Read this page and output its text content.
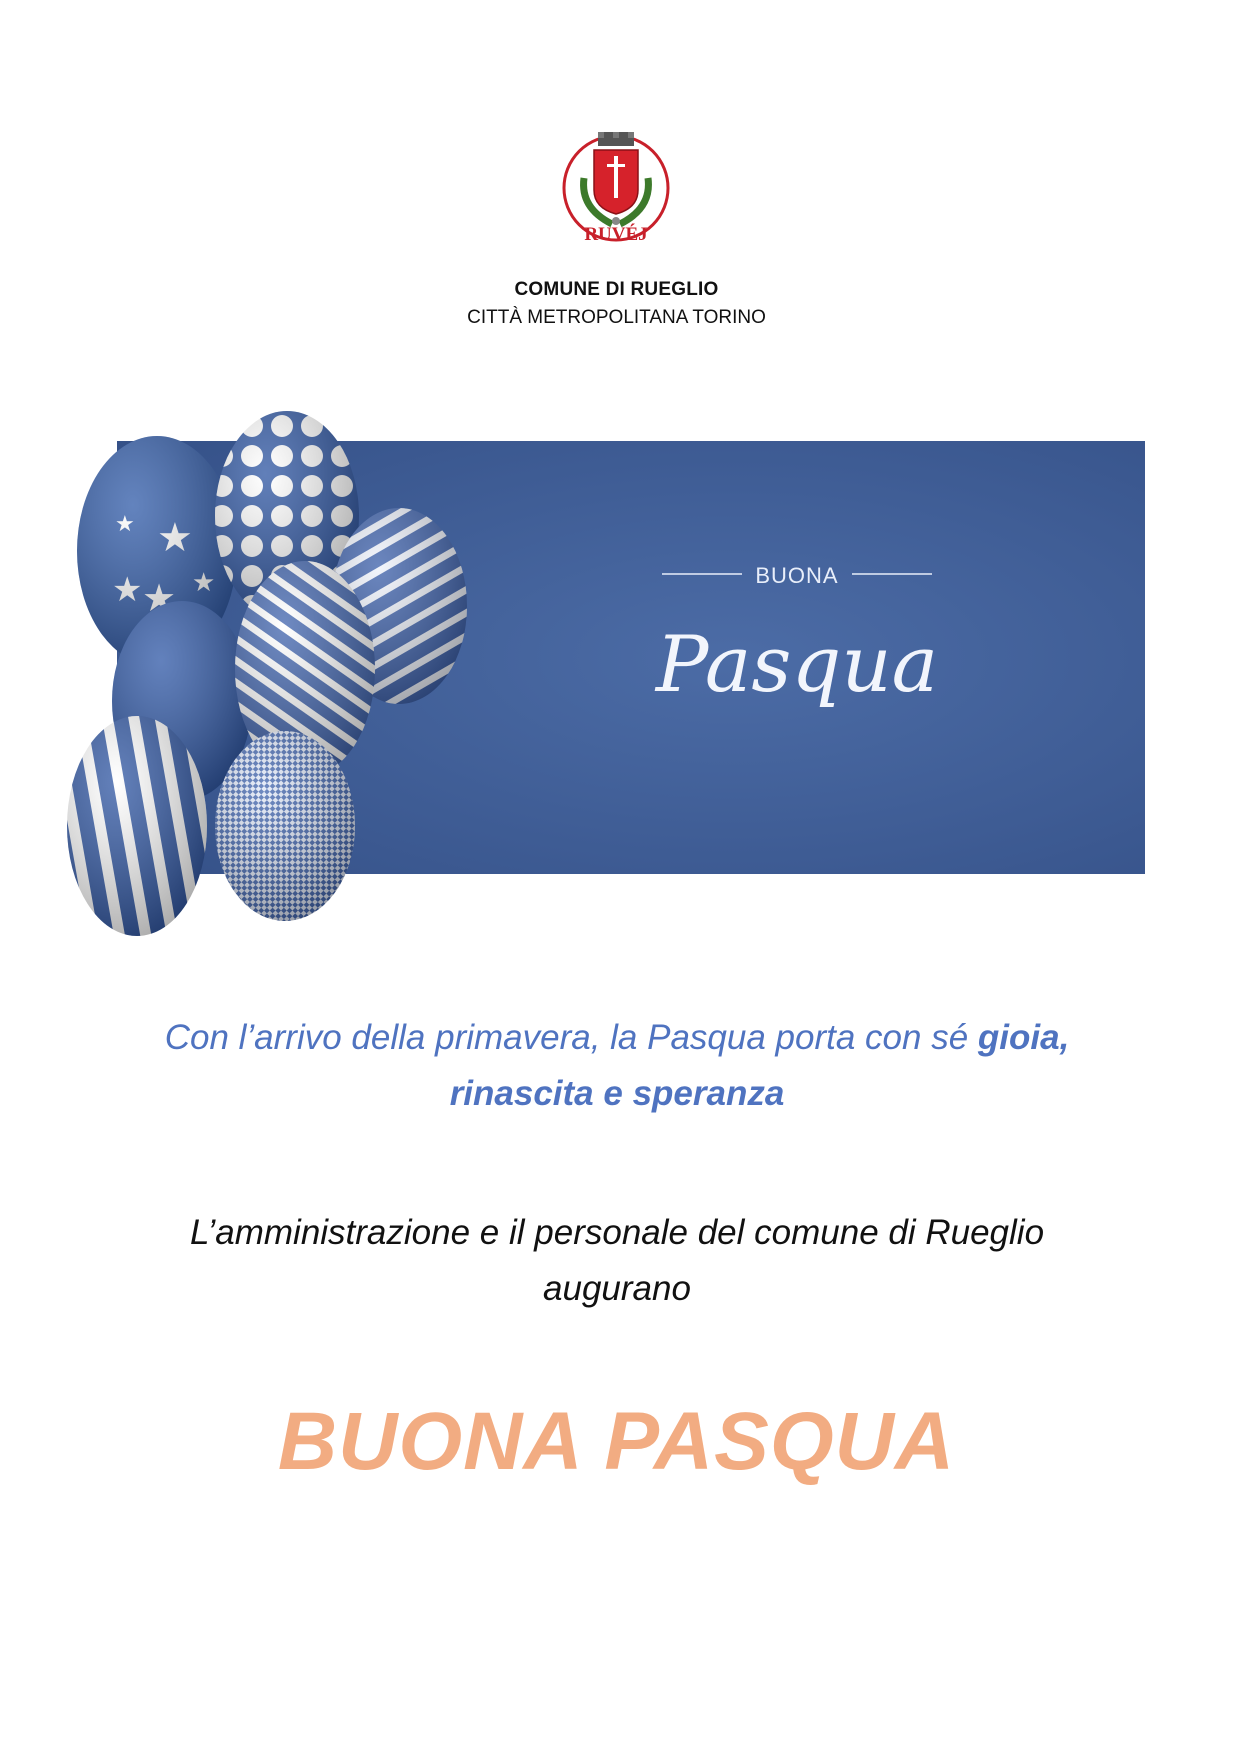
RUVÉJ
COMUNE DI RUEGLIO
CITTÀ METROPOLITANA TORINO
BUONA
Pasqua
Con l’arrivo della primavera, la Pasqua porta con sé gioia,
rinascita e speranza
L’amministrazione e il personale del comune di Rueglio
augurano
BUONA PASQUA
